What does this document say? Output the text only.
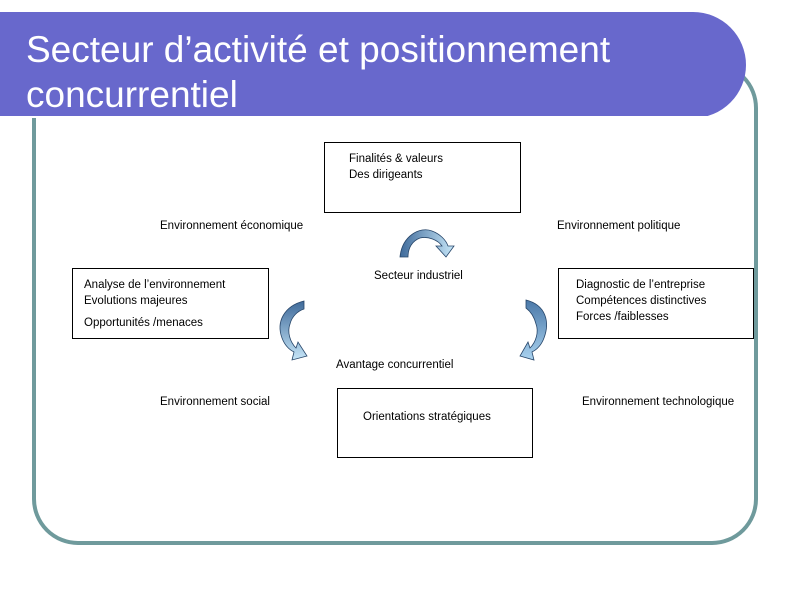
Secteur d’activité et positionnement
concurrentiel
Finalités & valeurs
Des dirigeants
Analyse de l’environnement
Evolutions majeures
Opportunités /menaces
Diagnostic de l’entreprise
Compétences distinctives
Forces /faiblesses
Orientations stratégiques
Environnement économique	Environnement politique
Secteur industriel
Avantage concurrentiel
Environnement social	Environnement technologique
